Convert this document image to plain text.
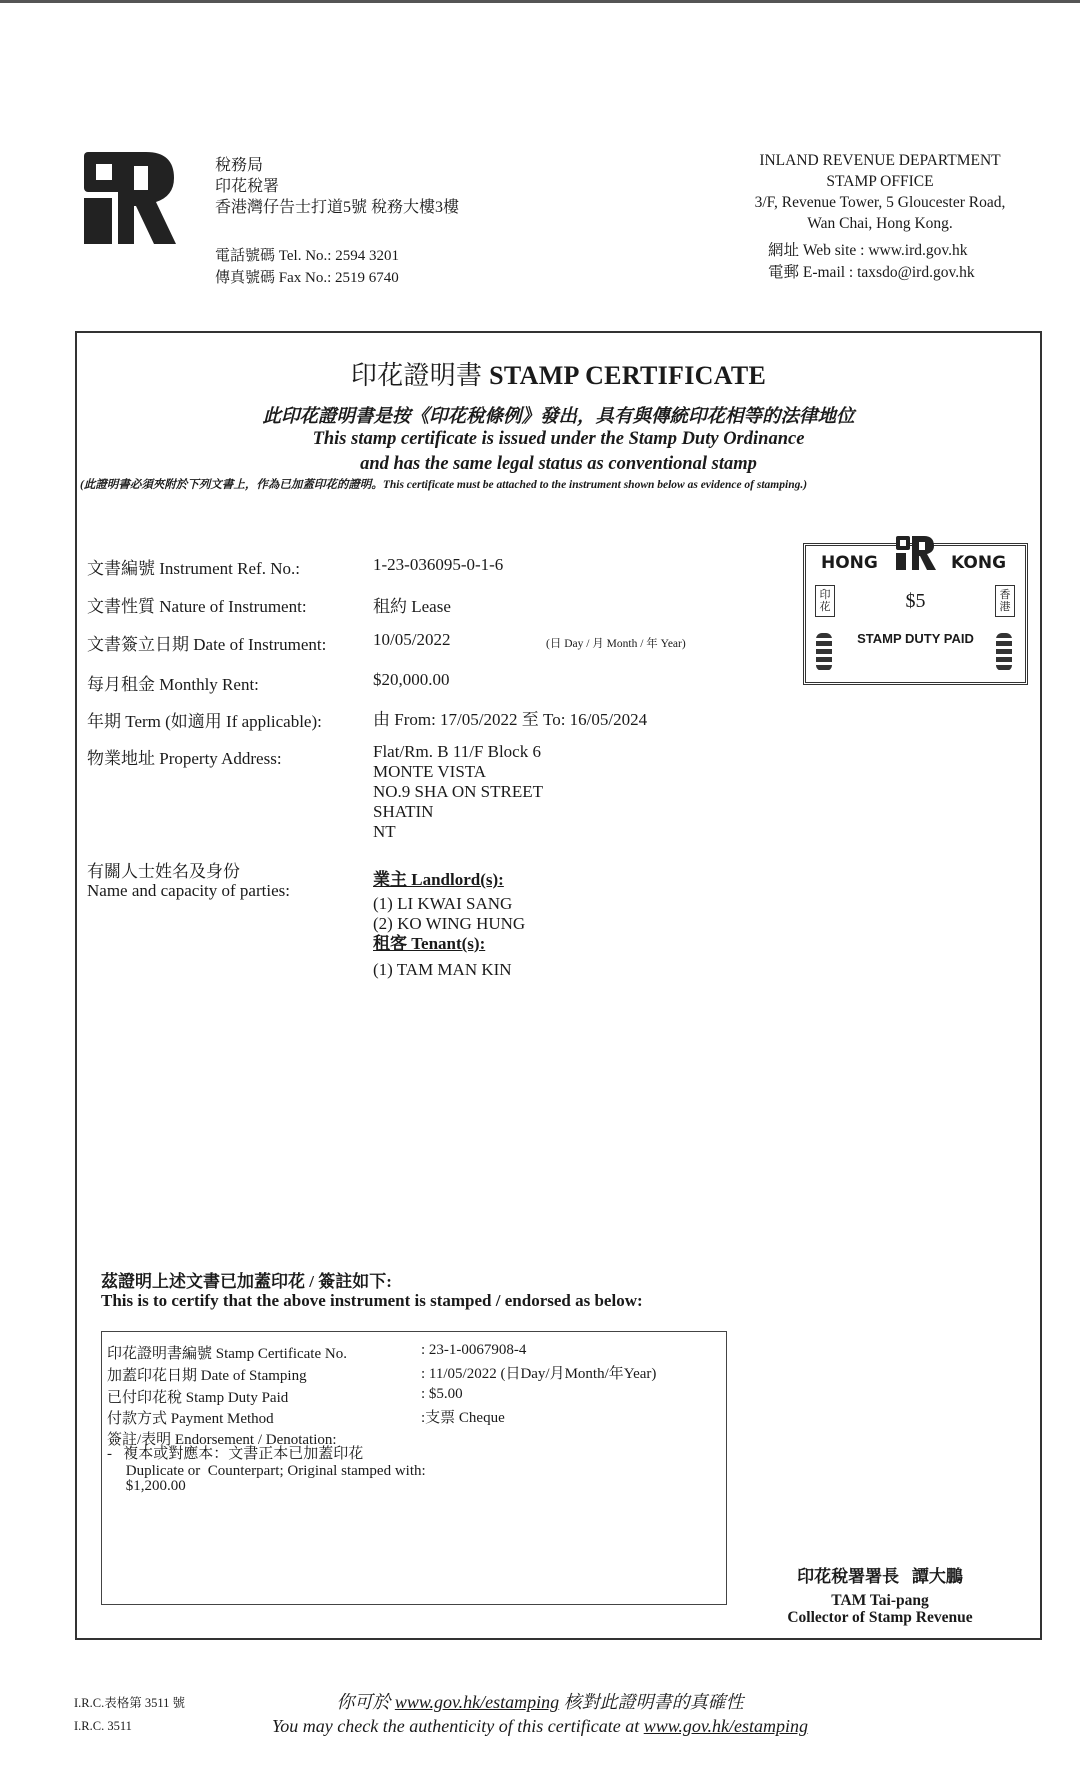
稅務局
印花稅署
香港灣仔告士打道5號 稅務大樓3樓
電話號碼 Tel. No.: 2594 3201
傳真號碼 Fax No.: 2519 6740
INLAND REVENUE DEPARTMENT
STAMP OFFICE
3/F, Revenue Tower, 5 Gloucester Road,
Wan Chai, Hong Kong.
網址 Web site : www.ird.gov.hk
電郵 E-mail : taxsdo@ird.gov.hk
印花證明書 STAMP CERTIFICATE
此印花證明書是按《印花稅條例》發出，具有與傳統印花相等的法律地位
This stamp certificate is issued under the Stamp Duty Ordinance
and has the same legal status as conventional stamp
(此證明書必須夾附於下列文書上，作為已加蓋印花的證明。This certificate must be attached to the instrument shown below as evidence of stamping.)
文書編號 Instrument Ref. No.:	1-23-036095-0-1-6
文書性質 Nature of Instrument:	租約 Lease
文書簽立日期 Date of Instrument:	10/05/2022	(日 Day / 月 Month / 年 Year)
每月租金 Monthly Rent:	$20,000.00
年期 Term (如適用 If applicable):	由 From: 17/05/2022 至 To: 16/05/2024
物業地址 Property Address:	Flat/Rm. B 11/F Block 6
MONTE VISTA
NO.9 SHA ON STREET
SHATIN
NT
有關人士姓名及身份
Name and capacity of parties:
業主 Landlord(s):
(1) LI KWAI SANG
(2) KO WING HUNG
租客 Tenant(s):
(1) TAM MAN KIN
HONG	KONG
印花
香港
$5
STAMP DUTY PAID
茲證明上述文書已加蓋印花 / 簽註如下:
This is to certify that the above instrument is stamped / endorsed as below:
印花證明書編號 Stamp Certificate No.	: 23-1-0067908-4
加蓋印花日期 Date of Stamping	: 11/05/2022 (日Day/月Month/年Year)
已付印花稅 Stamp Duty Paid	: $5.00
付款方式 Payment Method	:支票 Cheque
簽註/表明 Endorsement / Denotation:
-   複本或對應本：文書正本已加蓋印花
Duplicate or  Counterpart; Original stamped with:
$1,200.00
印花稅署署長   譚大鵬
TAM Tai-pang
Collector of Stamp Revenue
I.R.C.表格第 3511 號
I.R.C. 3511
你可於 www.gov.hk/estamping 核對此證明書的真確性
You may check the authenticity of this certificate at www.gov.hk/estamping
